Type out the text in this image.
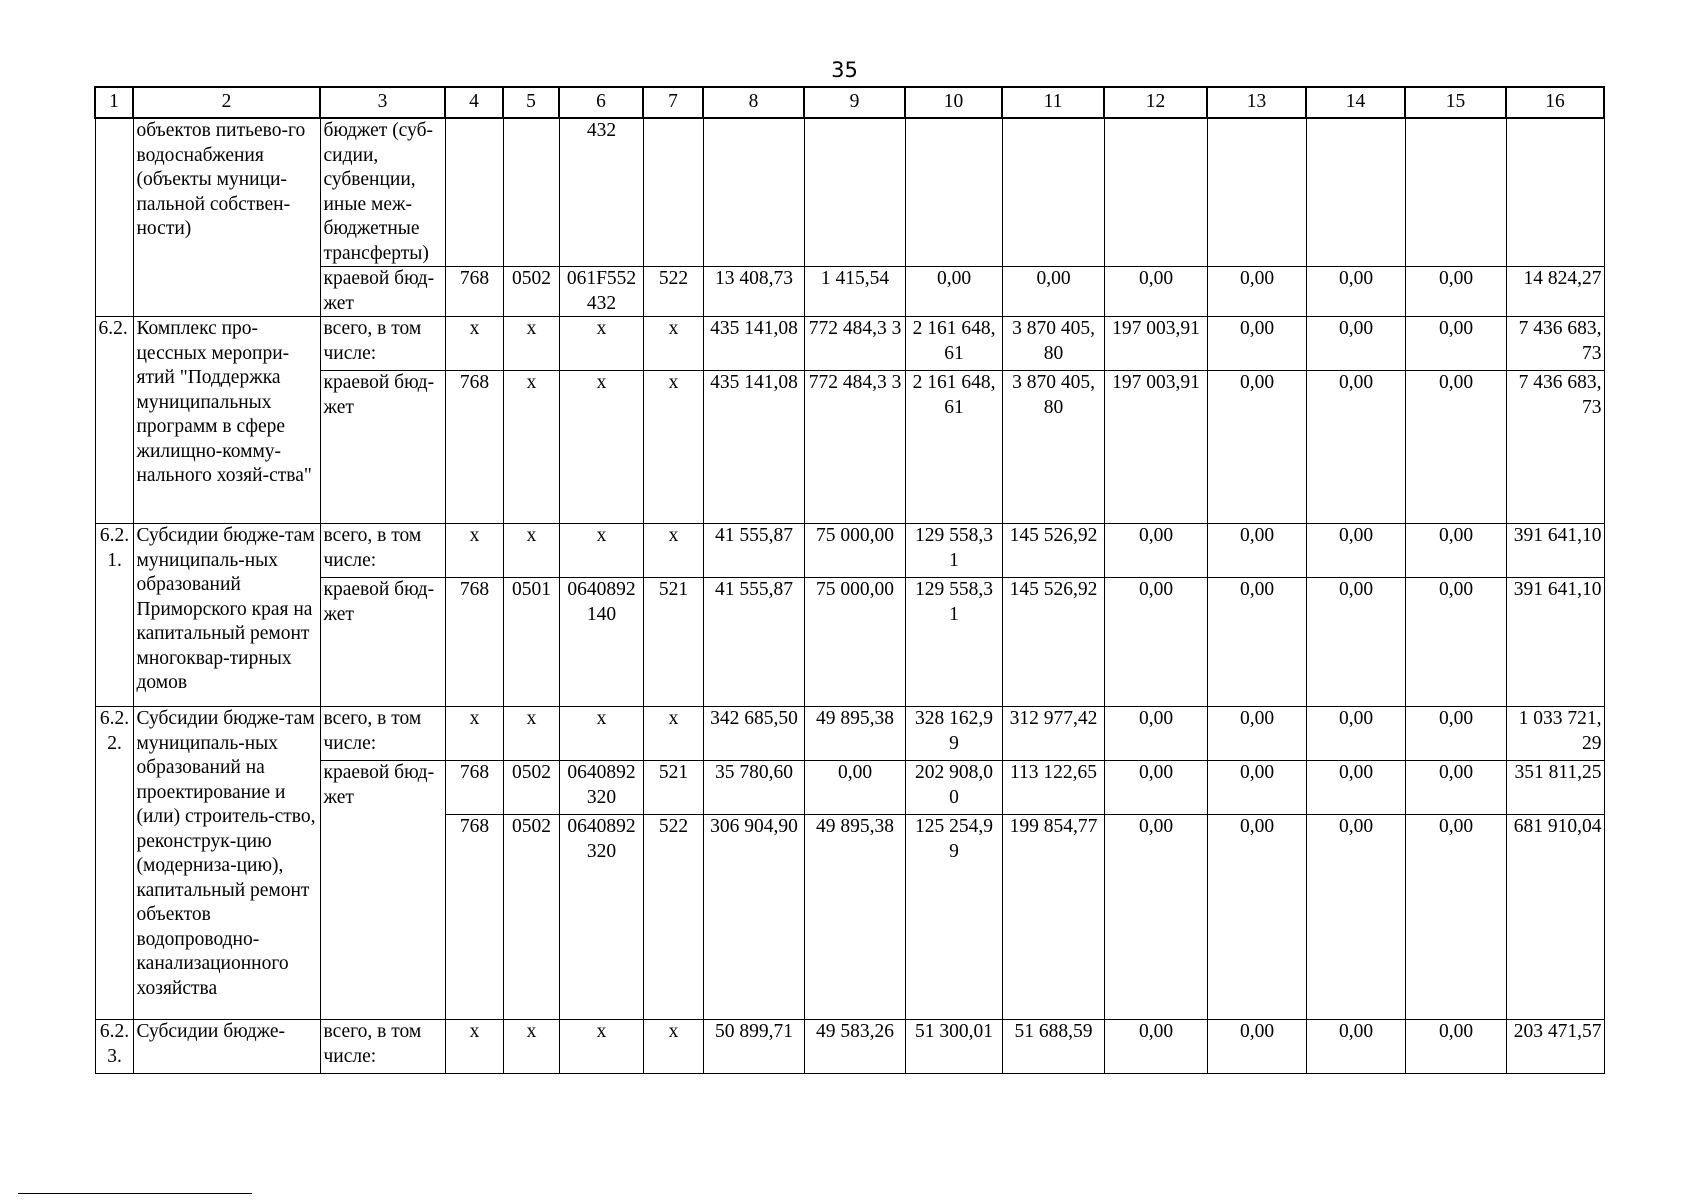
35
1	2	3	4	5	6	7	8	9	10	11	12	13	14	15	16
	объектов питьево-го водоснабжения (объекты муници-пальной собствен-ности)	бюджет (суб-сидии, субвенции, иные меж-бюджетные трансферты)			432										
		краевой бюд-жет	768	0502	061F552 432	522	13 408,73	1 415,54	0,00	0,00	0,00	0,00	0,00	0,00	14 824,27
6.2.	Комплекс про-цессных меропри-ятий "Поддержка муниципальных программ в сфере жилищно-комму-нального хозяй-ства"	всего, в том числе:	x	x	x	x	435 141,08	772 484,3 3	2 161 648, 61	3 870 405, 80	197 003,91	0,00	0,00	0,00	7 436 683, 73
		краевой бюд-жет	768	x	x	x	435 141,08	772 484,3 3	2 161 648, 61	3 870 405, 80	197 003,91	0,00	0,00	0,00	7 436 683, 73
6.2. 1.	Субсидии бюдже-там муниципаль-ных образований Приморского края на капитальный ремонт многоквар-тирных домов	всего, в том числе:	x	x	x	x	41 555,87	75 000,00	129 558,3 1	145 526,92	0,00	0,00	0,00	0,00	391 641,10
		краевой бюд-жет	768	0501	0640892 140	521	41 555,87	75 000,00	129 558,3 1	145 526,92	0,00	0,00	0,00	0,00	391 641,10
6.2. 2.	Субсидии бюдже-там муниципаль-ных образований на проектирование и (или) строитель-ство, реконструк-цию (модерниза-цию), капитальный ремонт объектов водопроводно-канализационного хозяйства	всего, в том числе:	x	x	x	x	342 685,50	49 895,38	328 162,9 9	312 977,42	0,00	0,00	0,00	0,00	1 033 721, 29
		краевой бюд-жет	768	0502	0640892 320	521	35 780,60	0,00	202 908,0 0	113 122,65	0,00	0,00	0,00	0,00	351 811,25
			768	0502	0640892 320	522	306 904,90	49 895,38	125 254,9 9	199 854,77	0,00	0,00	0,00	0,00	681 910,04
6.2. 3.	Субсидии бюдже-	всего, в том числе:	x	x	x	x	50 899,71	49 583,26	51 300,01	51 688,59	0,00	0,00	0,00	0,00	203 471,57
